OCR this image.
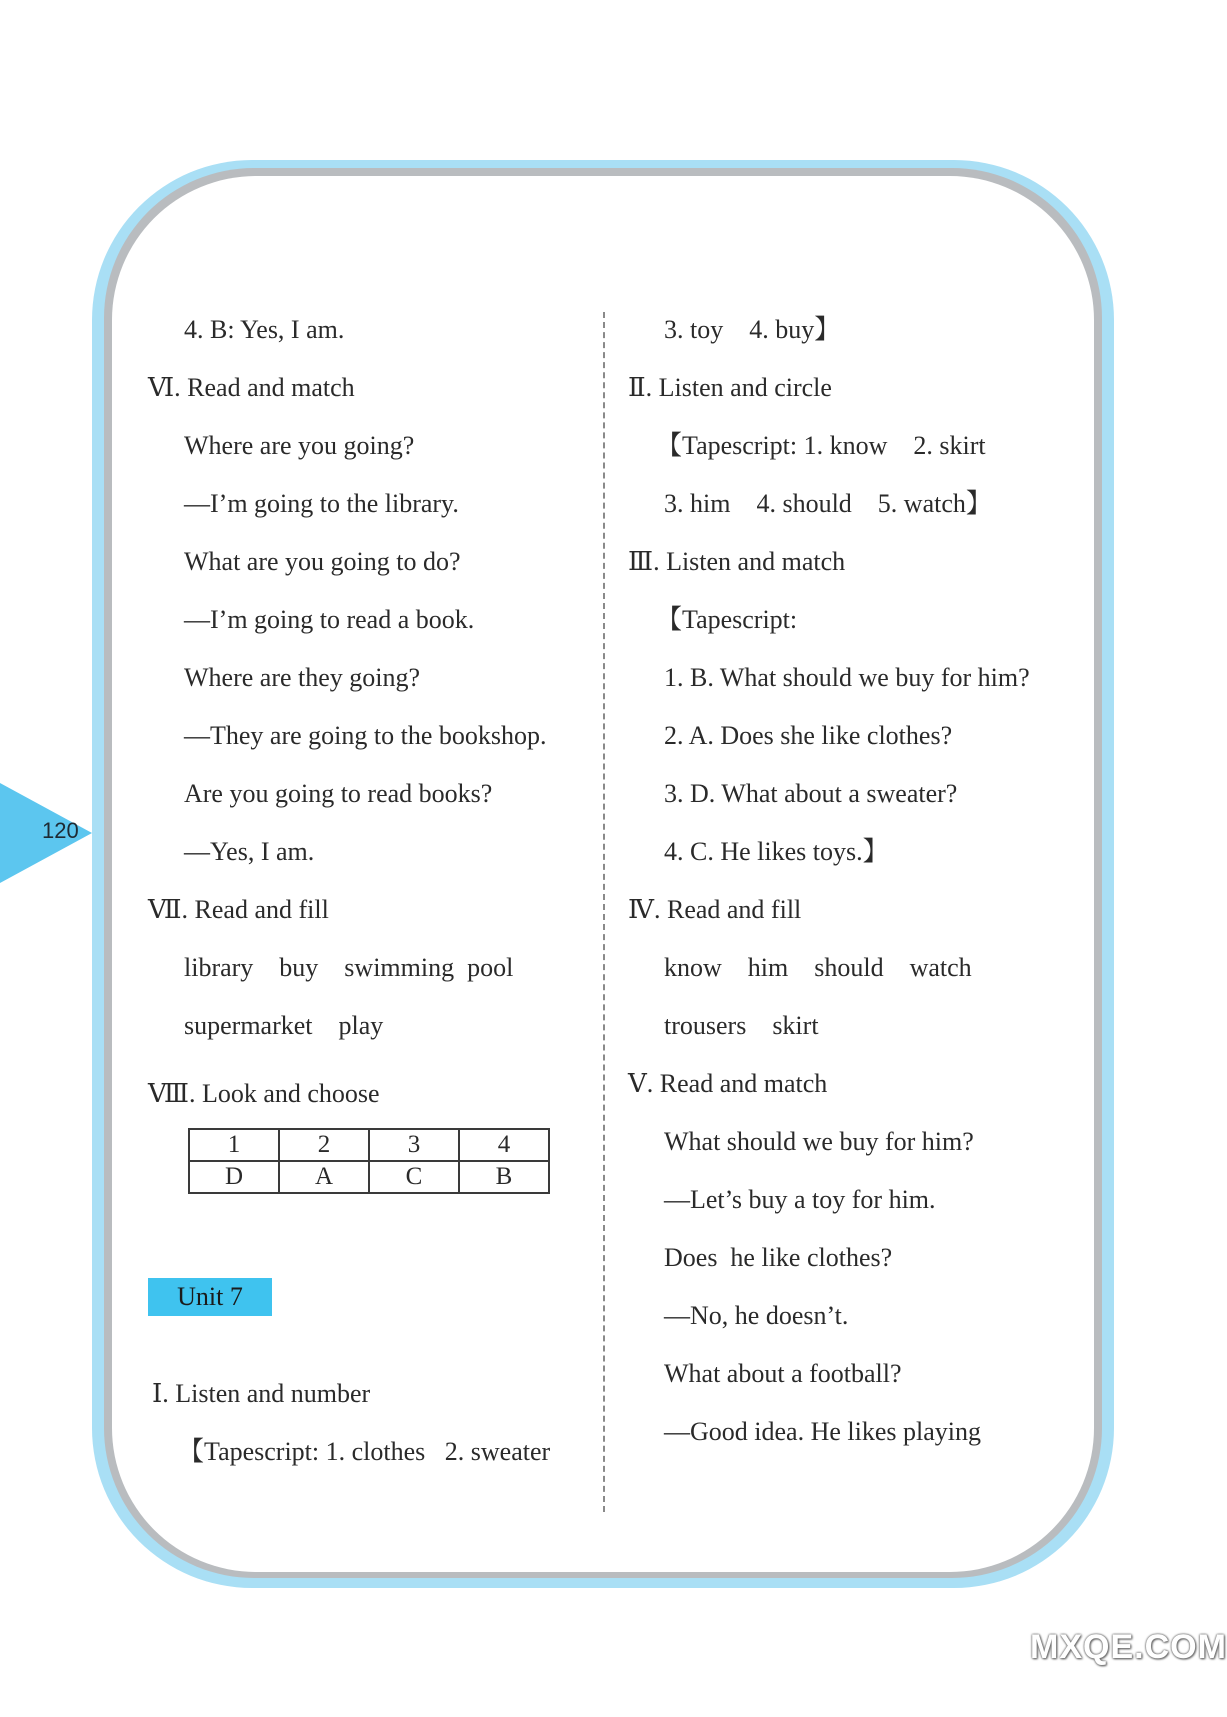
120
4. B: Yes, I am.
Ⅵ. Read and match
Where are you going?
—I’m going to the library.
What are you going to do?
—I’m going to read a book.
Where are they going?
—They are going to the bookshop.
Are you going to read books?
—Yes, I am.
Ⅶ. Read and fill
library    buy    swimming  pool
supermarket    play
Ⅷ. Look and choose
1	2	3	4
D	A	C	B
Unit 7
Ⅰ. Listen and number
【Tapescript: 1. clothes   2. sweater
3. toy    4. buy】
Ⅱ. Listen and circle
【Tapescript: 1. know    2. skirt
3. him    4. should    5. watch】
Ⅲ. Listen and match
【Tapescript:
1. B. What should we buy for him?
2. A. Does she like clothes?
3. D. What about a sweater?
4. C. He likes toys.】
Ⅳ. Read and fill
know    him    should    watch
trousers    skirt
Ⅴ. Read and match
What should we buy for him?
—Let’s buy a toy for him.
Does  he like clothes?
—No, he doesn’t.
What about a football?
—Good idea. He likes playing
MXQE.COM
